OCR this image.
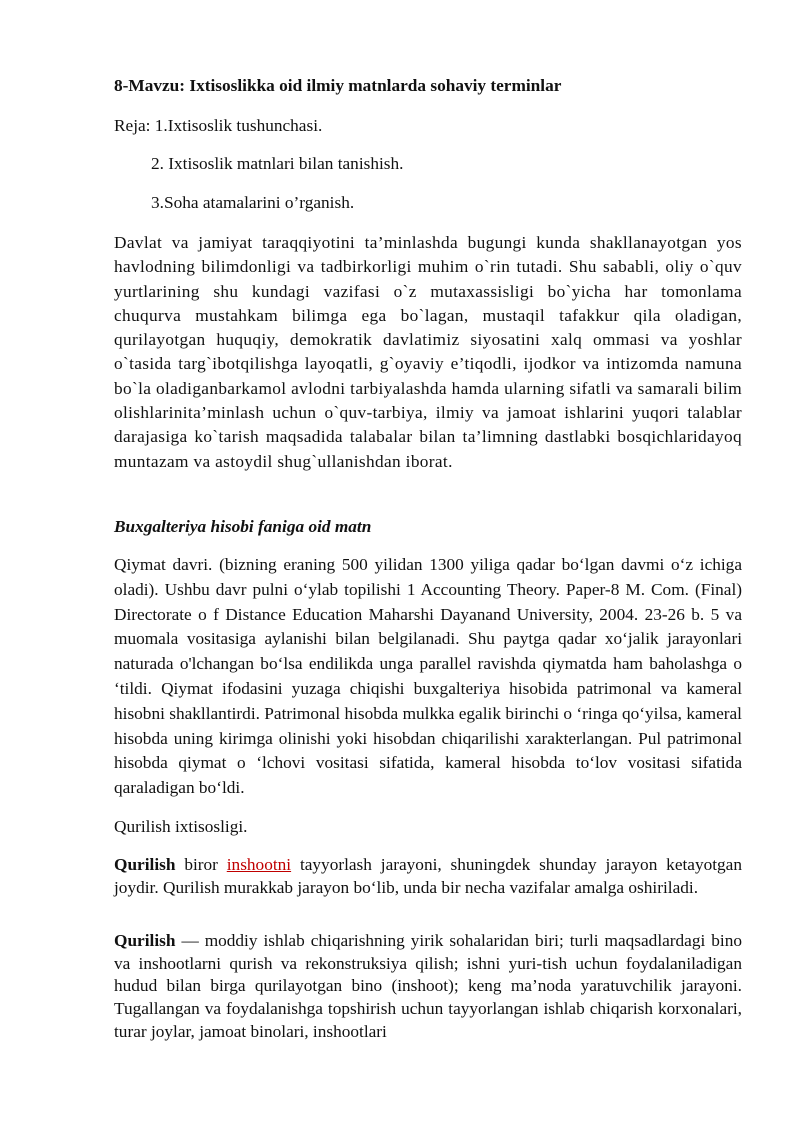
8-Mavzu: Ixtisoslikka oid ilmiy matnlarda sohaviy terminlar
Reja: 1.Ixtisoslik tushunchasi.
2. Ixtisoslik matnlari bilan tanishish.
3.Soha atamalarini o’rganish.

Davlat va jamiyat taraqqiyotini ta’minlashda bugungi kunda shakllanayotgan yos havlodning bilimdonligi va tadbirkorligi muhim o`rin tutadi. Shu sababli, oliy o`quv yurtlarining shu kundagi vazifasi o`z mutaxassisligi bo`yicha har tomonlama chuqurva mustahkam bilimga ega bo`lagan, mustaqil tafakkur qila oladigan, qurilayotgan huquqiy, demokratik davlatimiz siyosatini xalq ommasi va yoshlar o`tasida targ`ibotqilishga layoqatli, g`oyaviy e’tiqodli, ijodkor va intizomda namuna bo`la oladiganbarkamol avlodni tarbiyalashda hamda ularning sifatli va samarali bilim olishlarinita’minlash uchun o`quv-tarbiya, ilmiy va jamoat ishlarini yuqori talablar darajasiga ko`tarish maqsadida talabalar bilan ta’limning dastlabki bosqichlaridayoq muntazam va astoydil shug`ullanishdan iborat.

Buxgalteriya hisobi faniga oid matn

Qiymat davri. (bizning eraning 500 yilidan 1300 yiliga qadar bo‘lgan davmi o‘z ichiga oladi). Ushbu davr pulni o‘ylab topilishi 1 Accounting Theory. Paper-8 M. Com. (Final) Directorate o f Distance Education Maharshi Dayanand University, 2004. 23-26 b. 5 va muomala vositasiga aylanishi bilan belgilanadi. Shu paytga qadar xo‘jalik jarayonlari naturada o'lchangan bo‘lsa endilikda unga parallel ravishda qiymatda ham baholashga o ‘tildi. Qiymat ifodasini yuzaga chiqishi buxgalteriya hisobida patrimonal va kameral hisobni shakllantirdi. Patrimonal hisobda mulkka egalik birinchi o ‘ringa qo‘yilsa, kameral hisobda uning kirimga olinishi yoki hisobdan chiqarilishi xarakterlangan. Pul patrimonal hisobda qiymat o ‘lchovi vositasi sifatida, kameral hisobda to‘lov vositasi sifatida qaraladigan bo‘ldi.

Qurilish ixtisosligi.

Qurilish biror inshootni tayyorlash jarayoni, shuningdek shunday jarayon ketayotgan joydir. Qurilish murakkab jarayon bo‘lib, unda bir necha vazifalar amalga oshiriladi.

Qurilish — moddiy ishlab chiqarishning yirik sohalaridan biri; turli maqsadlardagi bino va inshootlarni qurish va rekonstruksiya qilish; ishni yuri-tish uchun foydalaniladigan hudud bilan birga qurilayotgan bino (inshoot); keng ma’noda yaratuvchilik jarayoni. Tugallangan va foydalanishga topshirish uchun tayyorlangan ishlab chiqarish korxonalari, turar joylar, jamoat binolari, inshootlari
